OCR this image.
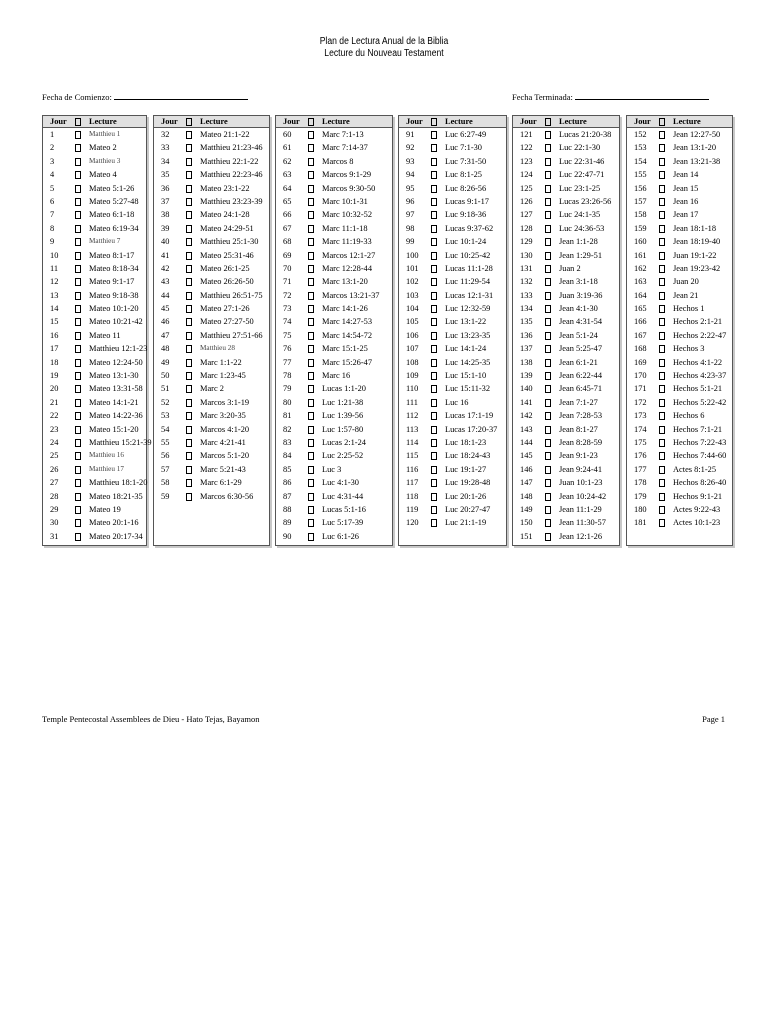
Plan de Lectura Anual de la Biblia
Lecture du Nouveau Testament
Fecha de Comienzo:	Fecha Terminada:
Jour	Lecture
1	Matthieu 1
2	Mateo 2
3	Matthieu 3
4	Mateo 4
5	Mateo 5:1-26
6	Mateo 5:27-48
7	Mateo 6:1-18
8	Mateo 6:19-34
9	Matthieu 7
10	Mateo 8:1-17
11	Mateo 8:18-34
12	Mateo 9:1-17
13	Mateo 9:18-38
14	Mateo 10:1-20
15	Mateo 10:21-42
16	Mateo 11
17	Matthieu 12:1-23
18	Mateo 12:24-50
19	Mateo 13:1-30
20	Mateo 13:31-58
21	Mateo 14:1-21
22	Mateo 14:22-36
23	Mateo 15:1-20
24	Matthieu 15:21-39
25	Matthieu 16
26	Matthieu 17
27	Matthieu 18:1-20
28	Mateo 18:21-35
29	Mateo 19
30	Mateo 20:1-16
31	Mateo 20:17-34
Jour	Lecture
32	Mateo 21:1-22
33	Matthieu 21:23-46
34	Matthieu 22:1-22
35	Matthieu 22:23-46
36	Mateo 23:1-22
37	Matthieu 23:23-39
38	Mateo 24:1-28
39	Mateo 24:29-51
40	Matthieu 25:1-30
41	Mateo 25:31-46
42	Mateo 26:1-25
43	Mateo 26:26-50
44	Matthieu 26:51-75
45	Mateo 27:1-26
46	Mateo 27:27-50
47	Matthieu 27:51-66
48	Matthieu 28
49	Marc 1:1-22
50	Marc 1:23-45
51	Marc 2
52	Marcos 3:1-19
53	Marc 3:20-35
54	Marcos 4:1-20
55	Marc 4:21-41
56	Marcos 5:1-20
57	Marc 5:21-43
58	Marc 6:1-29
59	Marcos 6:30-56
Jour	Lecture
60	Marc 7:1-13
61	Marc 7:14-37
62	Marcos 8
63	Marcos 9:1-29
64	Marcos 9:30-50
65	Marc 10:1-31
66	Marc 10:32-52
67	Marc 11:1-18
68	Marc 11:19-33
69	Marcos 12:1-27
70	Marc 12:28-44
71	Marc 13:1-20
72	Marcos 13:21-37
73	Marc 14:1-26
74	Marc 14:27-53
75	Marc 14:54-72
76	Marc 15:1-25
77	Marc 15:26-47
78	Marc 16
79	Lucas 1:1-20
80	Luc 1:21-38
81	Luc 1:39-56
82	Luc 1:57-80
83	Lucas 2:1-24
84	Luc 2:25-52
85	Luc 3
86	Luc 4:1-30
87	Luc 4:31-44
88	Lucas 5:1-16
89	Luc 5:17-39
90	Luc 6:1-26
Jour	Lecture
91	Luc 6:27-49
92	Luc 7:1-30
93	Luc 7:31-50
94	Luc 8:1-25
95	Luc 8:26-56
96	Lucas 9:1-17
97	Luc 9:18-36
98	Lucas 9:37-62
99	Luc 10:1-24
100	Luc 10:25-42
101	Lucas 11:1-28
102	Luc 11:29-54
103	Lucas 12:1-31
104	Luc 12:32-59
105	Luc 13:1-22
106	Luc 13:23-35
107	Luc 14:1-24
108	Luc 14:25-35
109	Luc 15:1-10
110	Luc 15:11-32
111	Luc 16
112	Lucas 17:1-19
113	Lucas 17:20-37
114	Luc 18:1-23
115	Luc 18:24-43
116	Luc 19:1-27
117	Luc 19:28-48
118	Luc 20:1-26
119	Luc 20:27-47
120	Luc 21:1-19
Jour	Lecture
121	Lucas 21:20-38
122	Luc 22:1-30
123	Luc 22:31-46
124	Luc 22:47-71
125	Luc 23:1-25
126	Lucas 23:26-56
127	Luc 24:1-35
128	Luc 24:36-53
129	Jean 1:1-28
130	Jean 1:29-51
131	Juan 2
132	Jean 3:1-18
133	Juan 3:19-36
134	Jean 4:1-30
135	Jean 4:31-54
136	Jean 5:1-24
137	Jean 5:25-47
138	Jean 6:1-21
139	Jean 6:22-44
140	Jean 6:45-71
141	Jean 7:1-27
142	Jean 7:28-53
143	Jean 8:1-27
144	Jean 8:28-59
145	Jean 9:1-23
146	Jean 9:24-41
147	Juan 10:1-23
148	Jean 10:24-42
149	Jean 11:1-29
150	Jean 11:30-57
151	Jean 12:1-26
Jour	Lecture
152	Jean 12:27-50
153	Jean 13:1-20
154	Jean 13:21-38
155	Jean 14
156	Jean 15
157	Jean 16
158	Jean 17
159	Jean 18:1-18
160	Jean 18:19-40
161	Juan 19:1-22
162	Jean 19:23-42
163	Juan 20
164	Jean 21
165	Hechos 1
166	Hechos 2:1-21
167	Hechos 2:22-47
168	Hechos 3
169	Hechos 4:1-22
170	Hechos 4:23-37
171	Hechos 5:1-21
172	Hechos 5:22-42
173	Hechos 6
174	Hechos 7:1-21
175	Hechos 7:22-43
176	Hechos 7:44-60
177	Actes 8:1-25
178	Hechos 8:26-40
179	Hechos 9:1-21
180	Actes 9:22-43
181	Actes 10:1-23
Temple Pentecostal Assemblees de Dieu - Hato Tejas, Bayamon	Page 1
